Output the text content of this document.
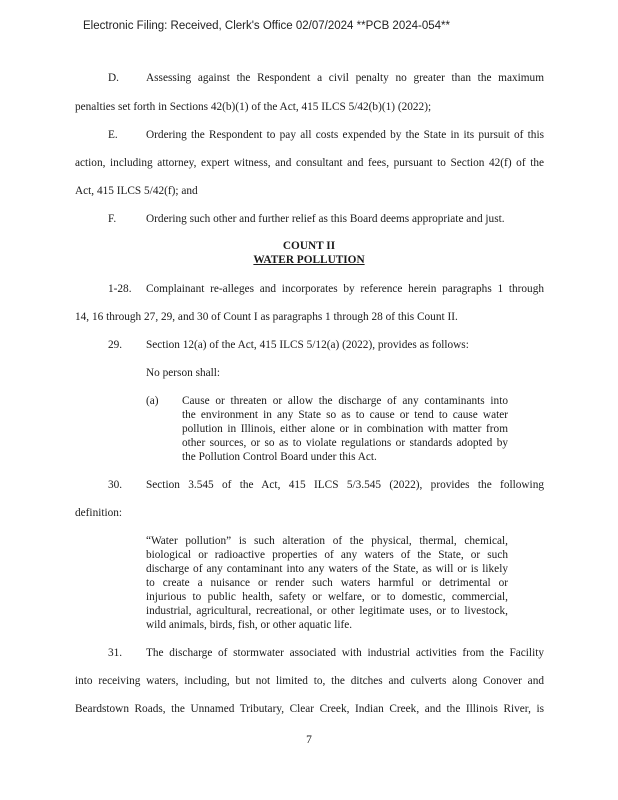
Electronic Filing: Received, Clerk's Office 02/07/2024 **PCB 2024-054**
D. Assessing against the Respondent a civil penalty no greater than the maximum
penalties set forth in Sections 42(b)(1) of the Act, 415 ILCS 5/42(b)(1) (2022);
E.	Ordering the Respondent to pay all costs expended by the State in its pursuit of this
action, including attorney, expert witness, and consultant and fees, pursuant to Section 42(f) of the
Act, 415 ILCS 5/42(f); and
F.	Ordering such other and further relief as this Board deems appropriate and just.
COUNT II
WATER POLLUTION
1-28. Complainant re-alleges and incorporates by reference herein paragraphs 1 through
14, 16 through 27, 29, and 30 of Count I as paragraphs 1 through 28 of this Count II.
29. Section 12(a) of the Act, 415 ILCS 5/12(a) (2022), provides as follows:
No person shall:
(a) Cause or threaten or allow the discharge of any contaminants into
the environment in any State so as to cause or tend to cause water
pollution in Illinois, either alone or in combination with matter from
other sources, or so as to violate regulations or standards adopted by
the Pollution Control Board under this Act.
30. Section 3.545 of the Act, 415 ILCS 5/3.545 (2022), provides the following
definition:
“Water pollution” is such alteration of the physical, thermal, chemical,
biological or radioactive properties of any waters of the State, or such
discharge of any contaminant into any waters of the State, as will or is likely
to create a nuisance or render such waters harmful or detrimental or
injurious to public health, safety or welfare, or to domestic, commercial,
industrial, agricultural, recreational, or other legitimate uses, or to livestock,
wild animals, birds, fish, or other aquatic life.
31. The discharge of stormwater associated with industrial activities from the Facility
into receiving waters, including, but not limited to, the ditches and culverts along Conover and
Beardstown Roads, the Unnamed Tributary, Clear Creek, Indian Creek, and the Illinois River, is
7
